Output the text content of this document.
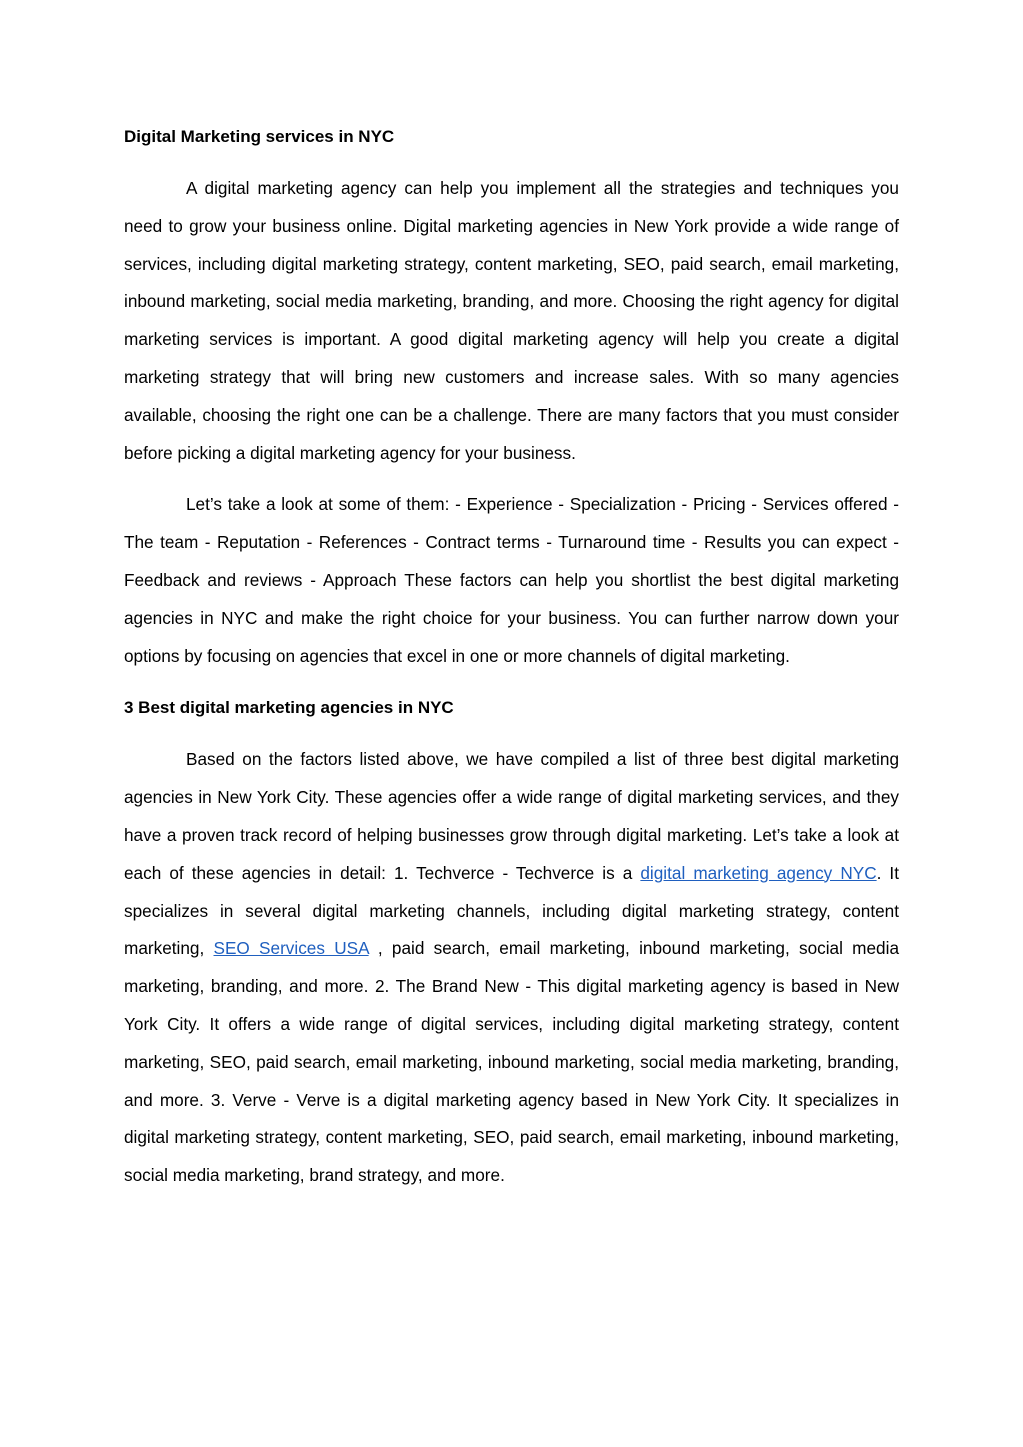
Digital Marketing services in NYC

A digital marketing agency can help you implement all the strategies and techniques you need to grow your business online. Digital marketing agencies in New York provide a wide range of services, including digital marketing strategy, content marketing, SEO, paid search, email marketing, inbound marketing, social media marketing, branding, and more. Choosing the right agency for digital marketing services is important. A good digital marketing agency will help you create a digital marketing strategy that will bring new customers and increase sales. With so many agencies available, choosing the right one can be a challenge. There are many factors that you must consider before picking a digital marketing agency for your business.

Let’s take a look at some of them: - Experience - Specialization - Pricing - Services offered - The team - Reputation - References - Contract terms - Turnaround time - Results you can expect - Feedback and reviews - Approach These factors can help you shortlist the best digital marketing agencies in NYC and make the right choice for your business. You can further narrow down your options by focusing on agencies that excel in one or more channels of digital marketing.

3 Best digital marketing agencies in NYC

Based on the factors listed above, we have compiled a list of three best digital marketing agencies in New York City. These agencies offer a wide range of digital marketing services, and they have a proven track record of helping businesses grow through digital marketing. Let’s take a look at each of these agencies in detail: 1. Techverce - Techverce is a digital marketing agency NYC. It specializes in several digital marketing channels, including digital marketing strategy, content marketing, SEO Services USA , paid search, email marketing, inbound marketing, social media marketing, branding, and more. 2. The Brand New - This digital marketing agency is based in New York City. It offers a wide range of digital services, including digital marketing strategy, content marketing, SEO, paid search, email marketing, inbound marketing, social media marketing, branding, and more. 3. Verve - Verve is a digital marketing agency based in New York City. It specializes in digital marketing strategy, content marketing, SEO, paid search, email marketing, inbound marketing, social media marketing, brand strategy, and more.
